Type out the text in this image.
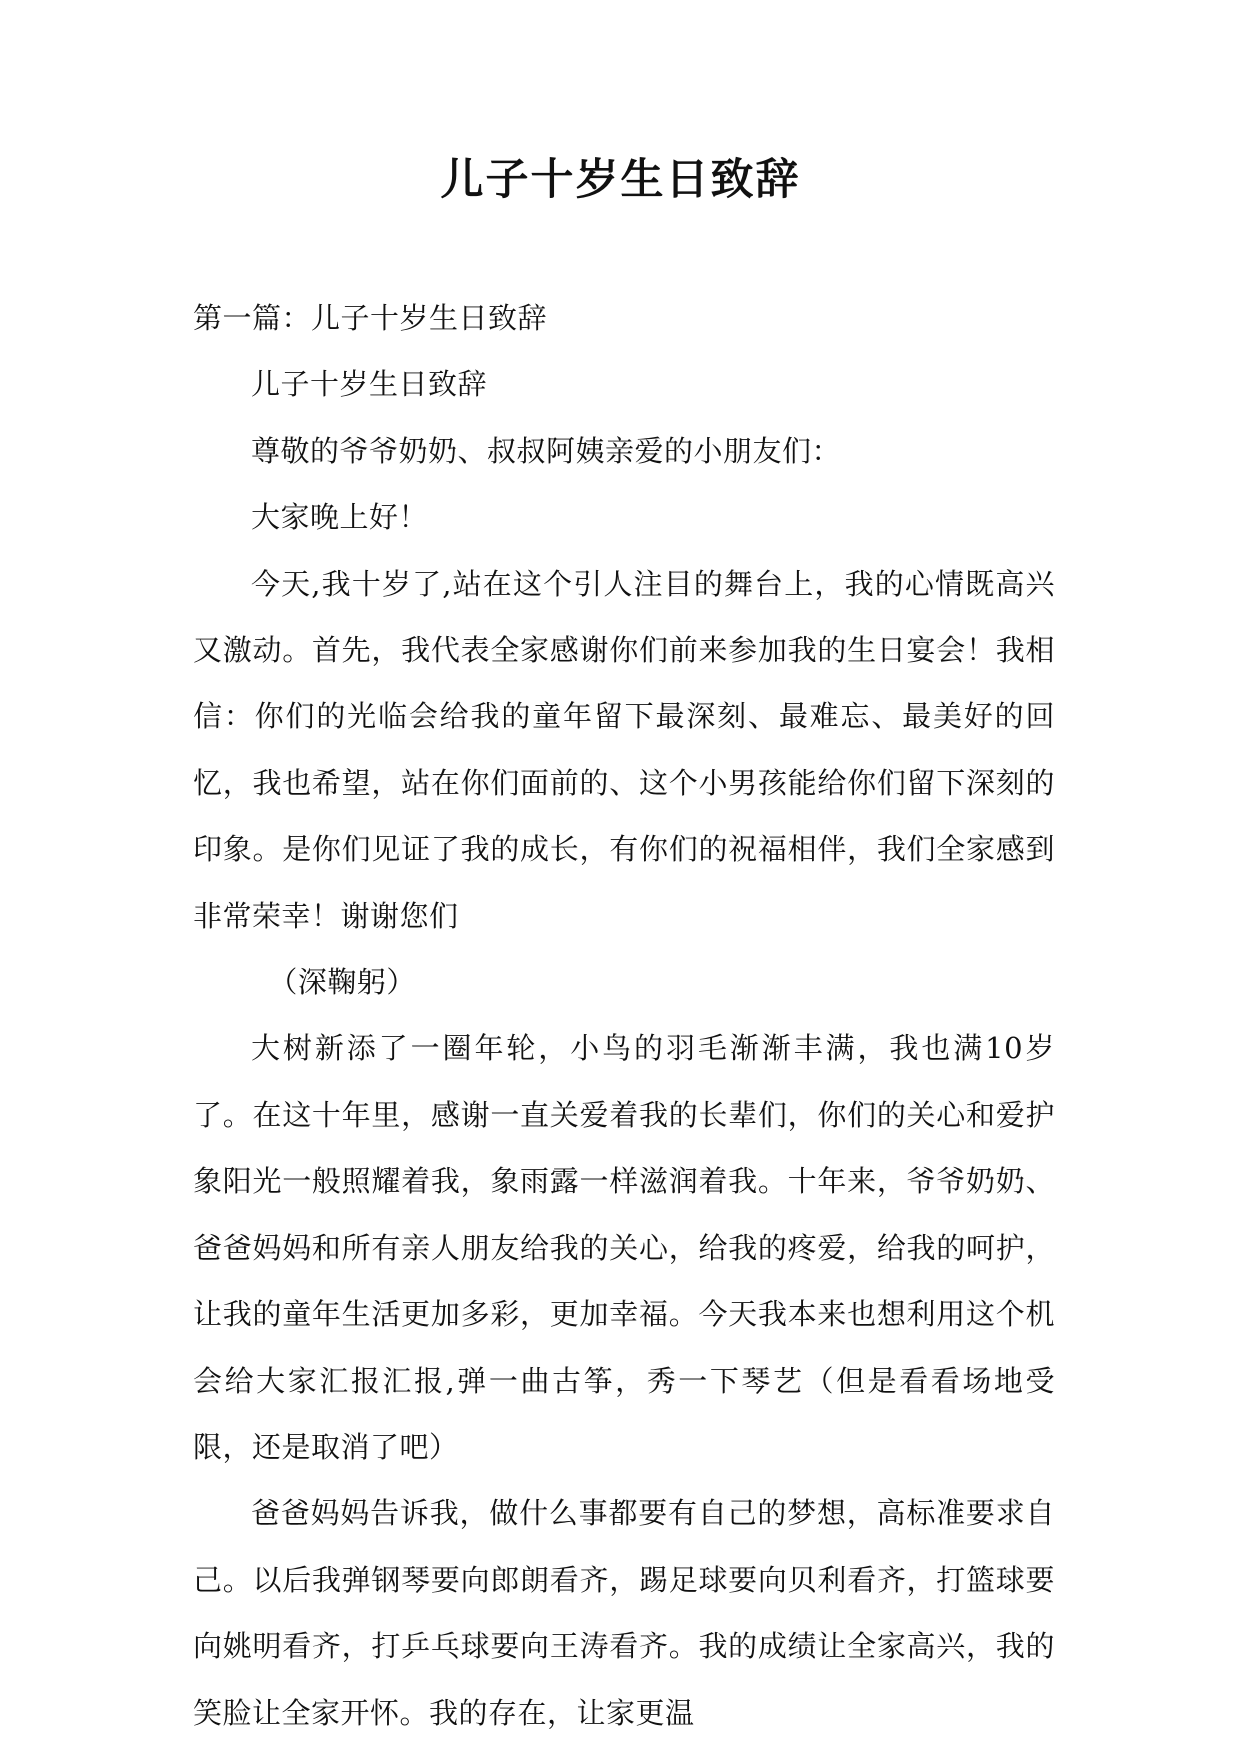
儿子十岁生日致辞

第一篇：儿子十岁生日致辞

儿子十岁生日致辞

尊敬的爷爷奶奶、叔叔阿姨亲爱的小朋友们：

大家晚上好！

今天,我十岁了,站在这个引人注目的舞台上，我的心情既高兴又激动。首先，我代表全家感谢你们前来参加我的生日宴会！我相信：你们的光临会给我的童年留下最深刻、最难忘、最美好的回忆，我也希望，站在你们面前的、这个小男孩能给你们留下深刻的印象。是你们见证了我的成长，有你们的祝福相伴，我们全家感到非常荣幸！谢谢您们

（深鞠躬）

大树新添了一圈年轮，小鸟的羽毛渐渐丰满，我也满10岁了。在这十年里，感谢一直关爱着我的长辈们，你们的关心和爱护象阳光一般照耀着我，象雨露一样滋润着我。十年来，爷爷奶奶、爸爸妈妈和所有亲人朋友给我的关心，给我的疼爱，给我的呵护，让我的童年生活更加多彩，更加幸福。今天我本来也想利用这个机会给大家汇报汇报,弹一曲古筝，秀一下琴艺（但是看看场地受限，还是取消了吧）

爸爸妈妈告诉我，做什么事都要有自己的梦想，高标准要求自己。以后我弹钢琴要向郎朗看齐，踢足球要向贝利看齐，打篮球要向姚明看齐，打乒乓球要向王涛看齐。我的成绩让全家高兴，我的笑脸让全家开怀。我的存在，让家更温
